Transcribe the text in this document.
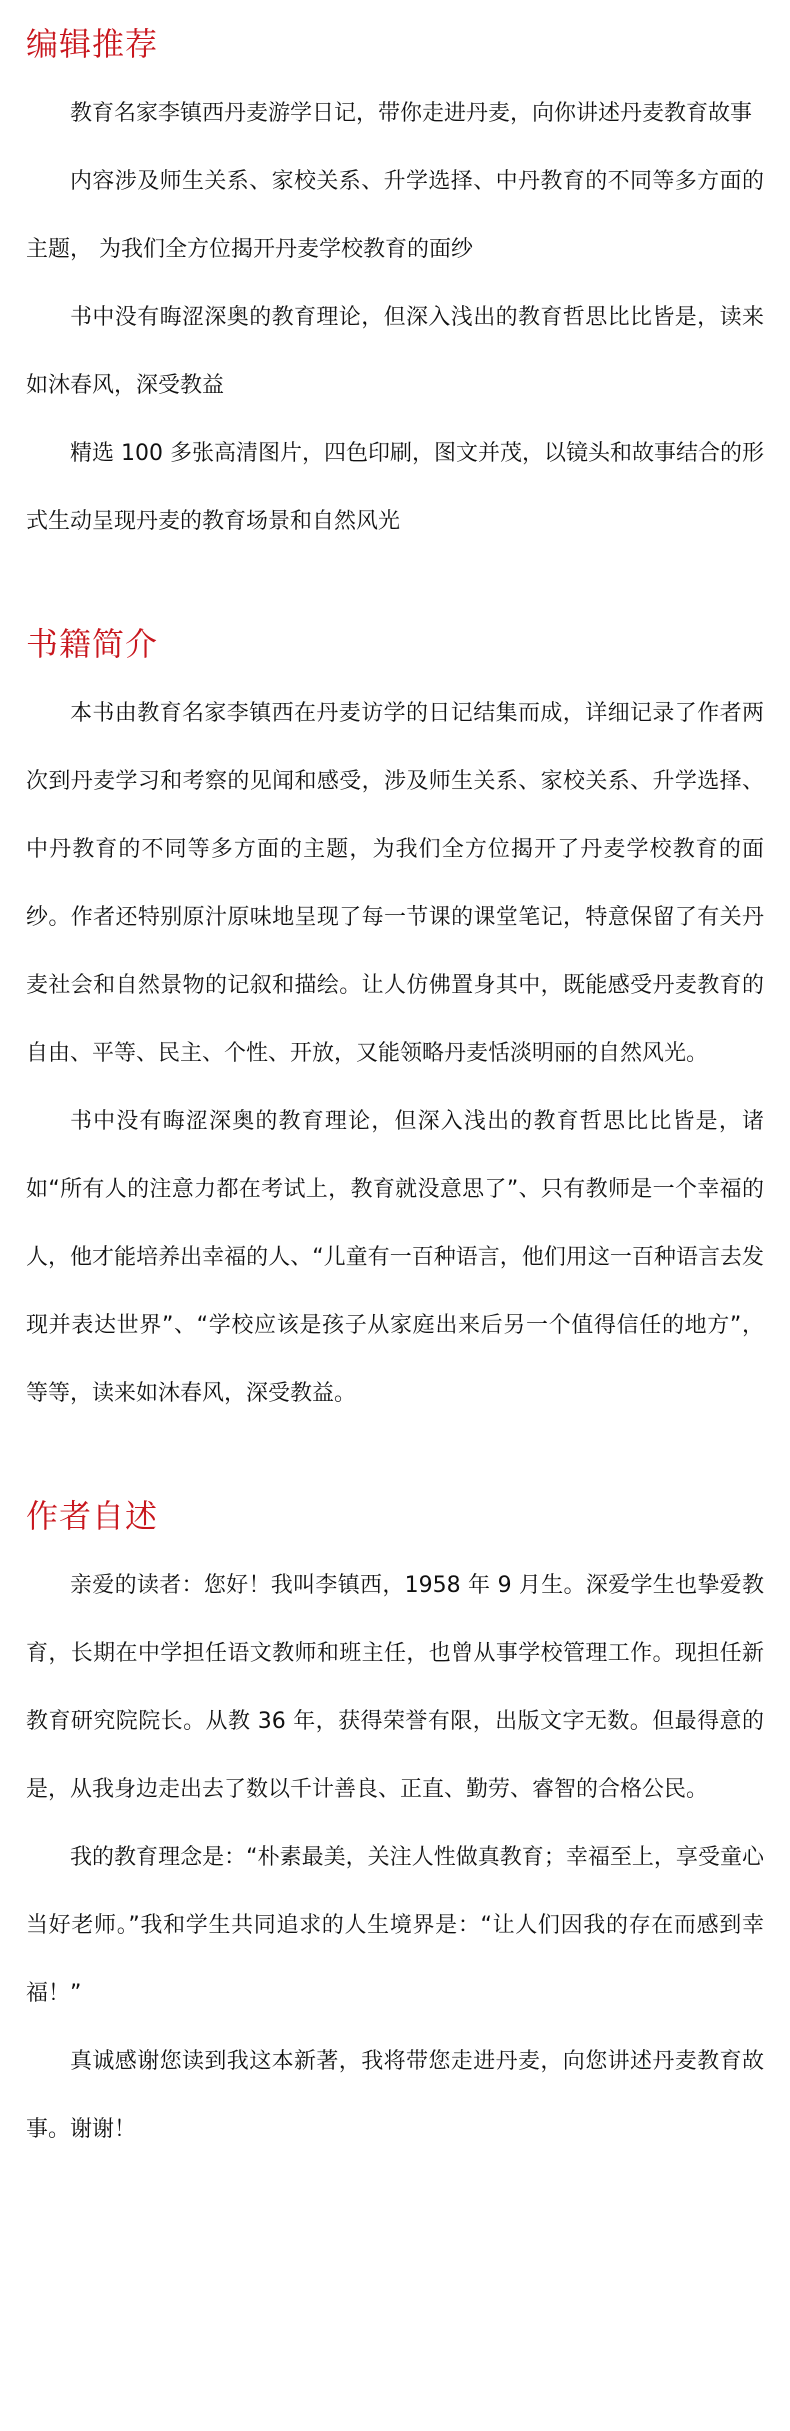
编辑推荐

教育名家李镇西丹麦游学日记，带你走进丹麦，向你讲述丹麦教育故事

内容涉及师生关系、家校关系、升学选择、中丹教育的不同等多方面的主题， 为我们全方位揭开丹麦学校教育的面纱

书中没有晦涩深奥的教育理论，但深入浅出的教育哲思比比皆是，读来如沐春风，深受教益

精选 100 多张高清图片，四色印刷，图文并茂，以镜头和故事结合的形式生动呈现丹麦的教育场景和自然风光

书籍简介

本书由教育名家李镇西在丹麦访学的日记结集而成，详细记录了作者两次到丹麦学习和考察的见闻和感受，涉及师生关系、家校关系、升学选择、中丹教育的不同等多方面的主题，为我们全方位揭开了丹麦学校教育的面纱。作者还特别原汁原味地呈现了每一节课的课堂笔记，特意保留了有关丹麦社会和自然景物的记叙和描绘。让人仿佛置身其中，既能感受丹麦教育的自由、平等、民主、个性、开放，又能领略丹麦恬淡明丽的自然风光。

书中没有晦涩深奥的教育理论，但深入浅出的教育哲思比比皆是，诸如“所有人的注意力都在考试上，教育就没意思了”、只有教师是一个幸福的人，他才能培养出幸福的人、“儿童有一百种语言，他们用这一百种语言去发现并表达世界”、“学校应该是孩子从家庭出来后另一个值得信任的地方”，等等，读来如沐春风，深受教益。

作者自述

亲爱的读者：您好！我叫李镇西，1958 年 9 月生。深爱学生也挚爱教育，长期在中学担任语文教师和班主任，也曾从事学校管理工作。现担任新教育研究院院长。从教 36 年，获得荣誉有限，出版文字无数。但最得意的是，从我身边走出去了数以千计善良、正直、勤劳、睿智的合格公民。

我的教育理念是：“朴素最美，关注人性做真教育；幸福至上，享受童心当好老师。”我和学生共同追求的人生境界是：“让人们因我的存在而感到幸福！”

真诚感谢您读到我这本新著，我将带您走进丹麦，向您讲述丹麦教育故事。谢谢！
